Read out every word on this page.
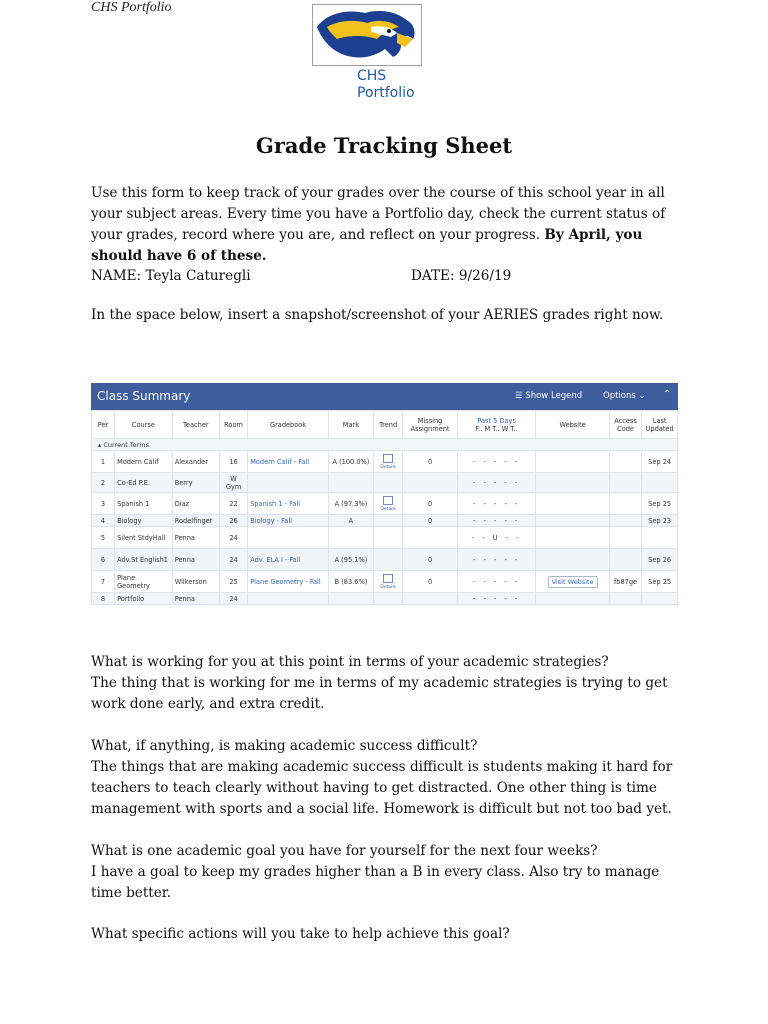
CHS Portfolio
CHS
Portfolio
Grade Tracking Sheet
Use this form to keep track of your grades over the course of this school year in all your subject areas. Every time you have a Portfolio day, check the current status of your grades, record where you are, and reflect on your progress. By April, you should have 6 of these.
NAME: Teyla Caturegli	DATE: 9/26/19
In the space below, insert a snapshot/screenshot of your AERIES grades right now.
Class Summary	☰ Show Legend Options ⌄ ⌃
Per	Course	Teacher	Room	Gradebook	Mark	Trend	Missing Assignment	Past 5 Days
F.. M T.. W T..	Website	Access Code	Last Updated
▴ Current Terms											
1	Modern Calif	Alexander	16	Modern Calif - Fall	A (100.0%)	Details	0	- - - - -			Sep 24
2	Co-Ed P.E.	Berry	W Gym					- - - - -			
3	Spanish 1	Diaz	22	Spanish 1 - Fall	A (97.3%)	Details	0	- - - - -			Sep 25
4	Biology	Rodelfinger	26	Biology - Fall	A		0	- - - - -			Sep 23
5	Silent StdyHall	Penna	24					- - U - -			
6	Adv.St English1	Penna	24	Adv. ELA I - Fall	A (95.1%)		0	- - - - -			Sep 26
7	Plane Geometry	Wilkerson	25	Plane Geometry - Fall	B (83.6%)	Details	0	- - - - -	Visit Website	fb87ge	Sep 25
8	Portfolio	Penna	24					- - - - -			
What is working for you at this point in terms of your academic strategies?
The thing that is working for me in terms of my academic strategies is trying to get work done early, and extra credit.
What, if anything, is making academic success difficult?
The things that are making academic success difficult is students making it hard for teachers to teach clearly without having to get distracted. One other thing is time management with sports and a social life. Homework is difficult but not too bad yet.
What is one academic goal you have for yourself for the next four weeks?
I have a goal to keep my grades higher than a B in every class. Also try to manage time better.
What specific actions will you take to help achieve this goal?
